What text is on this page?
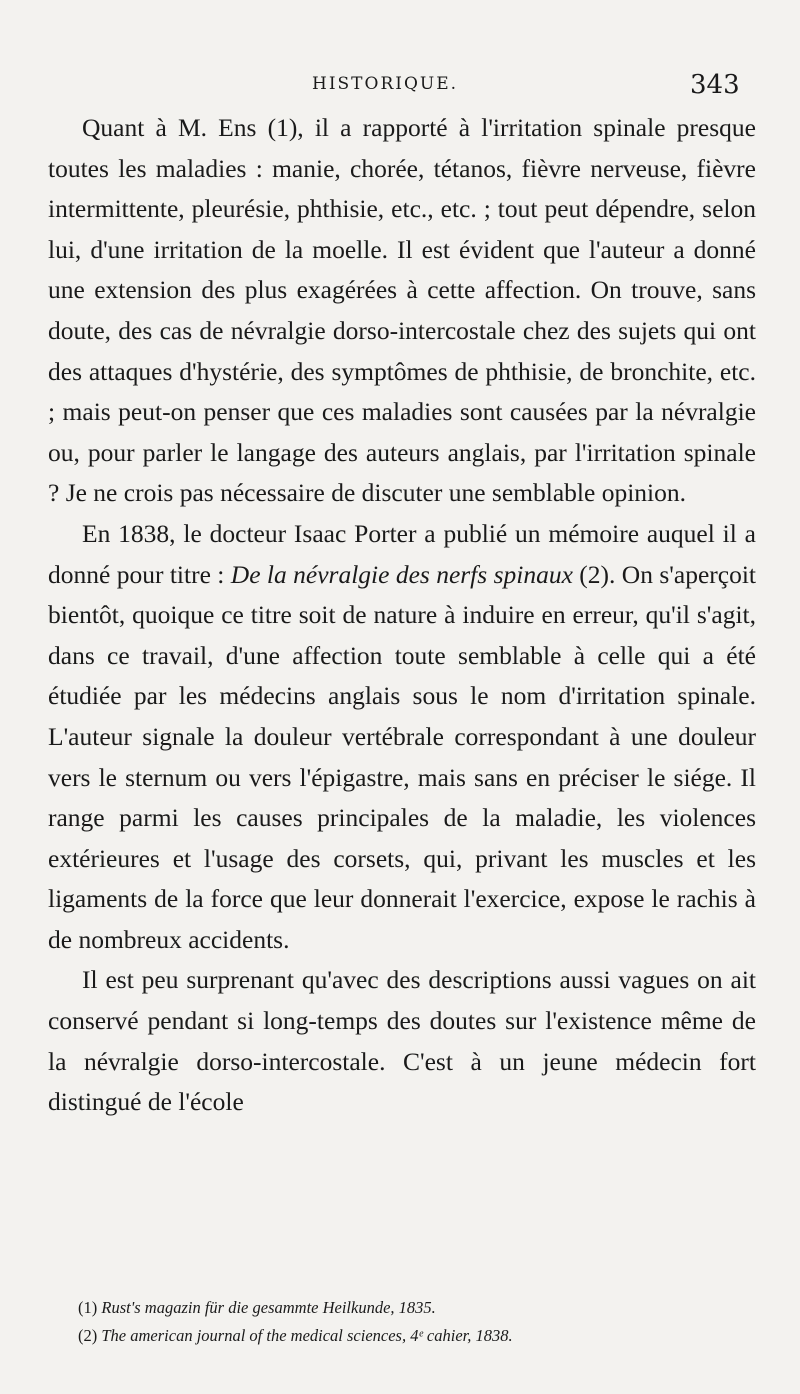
HISTORIQUE.	343

Quant à M. Ens (1), il a rapporté à l'irritation spinale presque toutes les maladies : manie, chorée, tétanos, fièvre nerveuse, fièvre intermittente, pleurésie, phthisie, etc., etc. ; tout peut dépendre, selon lui, d'une irritation de la moelle. Il est évident que l'auteur a donné une extension des plus exagérées à cette affection. On trouve, sans doute, des cas de névralgie dorso-intercostale chez des sujets qui ont des attaques d'hystérie, des symptômes de phthisie, de bronchite, etc. ; mais peut-on penser que ces maladies sont causées par la névralgie ou, pour parler le langage des auteurs anglais, par l'irritation spinale ? Je ne crois pas nécessaire de discuter une semblable opinion.

En 1838, le docteur Isaac Porter a publié un mémoire auquel il a donné pour titre : De la névralgie des nerfs spinaux (2). On s'aperçoit bientôt, quoique ce titre soit de nature à induire en erreur, qu'il s'agit, dans ce travail, d'une affection toute semblable à celle qui a été étudiée par les médecins anglais sous le nom d'irritation spinale. L'auteur signale la douleur vertébrale correspondant à une douleur vers le sternum ou vers l'épigastre, mais sans en préciser le siége. Il range parmi les causes principales de la maladie, les violences extérieures et l'usage des corsets, qui, privant les muscles et les ligaments de la force que leur donnerait l'exercice, expose le rachis à de nombreux accidents.

Il est peu surprenant qu'avec des descriptions aussi vagues on ait conservé pendant si long-temps des doutes sur l'existence même de la névralgie dorso-intercostale. C'est à un jeune médecin fort distingué de l'école

(1) Rust's magazin für die gesammte Heilkunde, 1835.

(2) The american journal of the medical sciences, 4ᵉ cahier, 1838.
